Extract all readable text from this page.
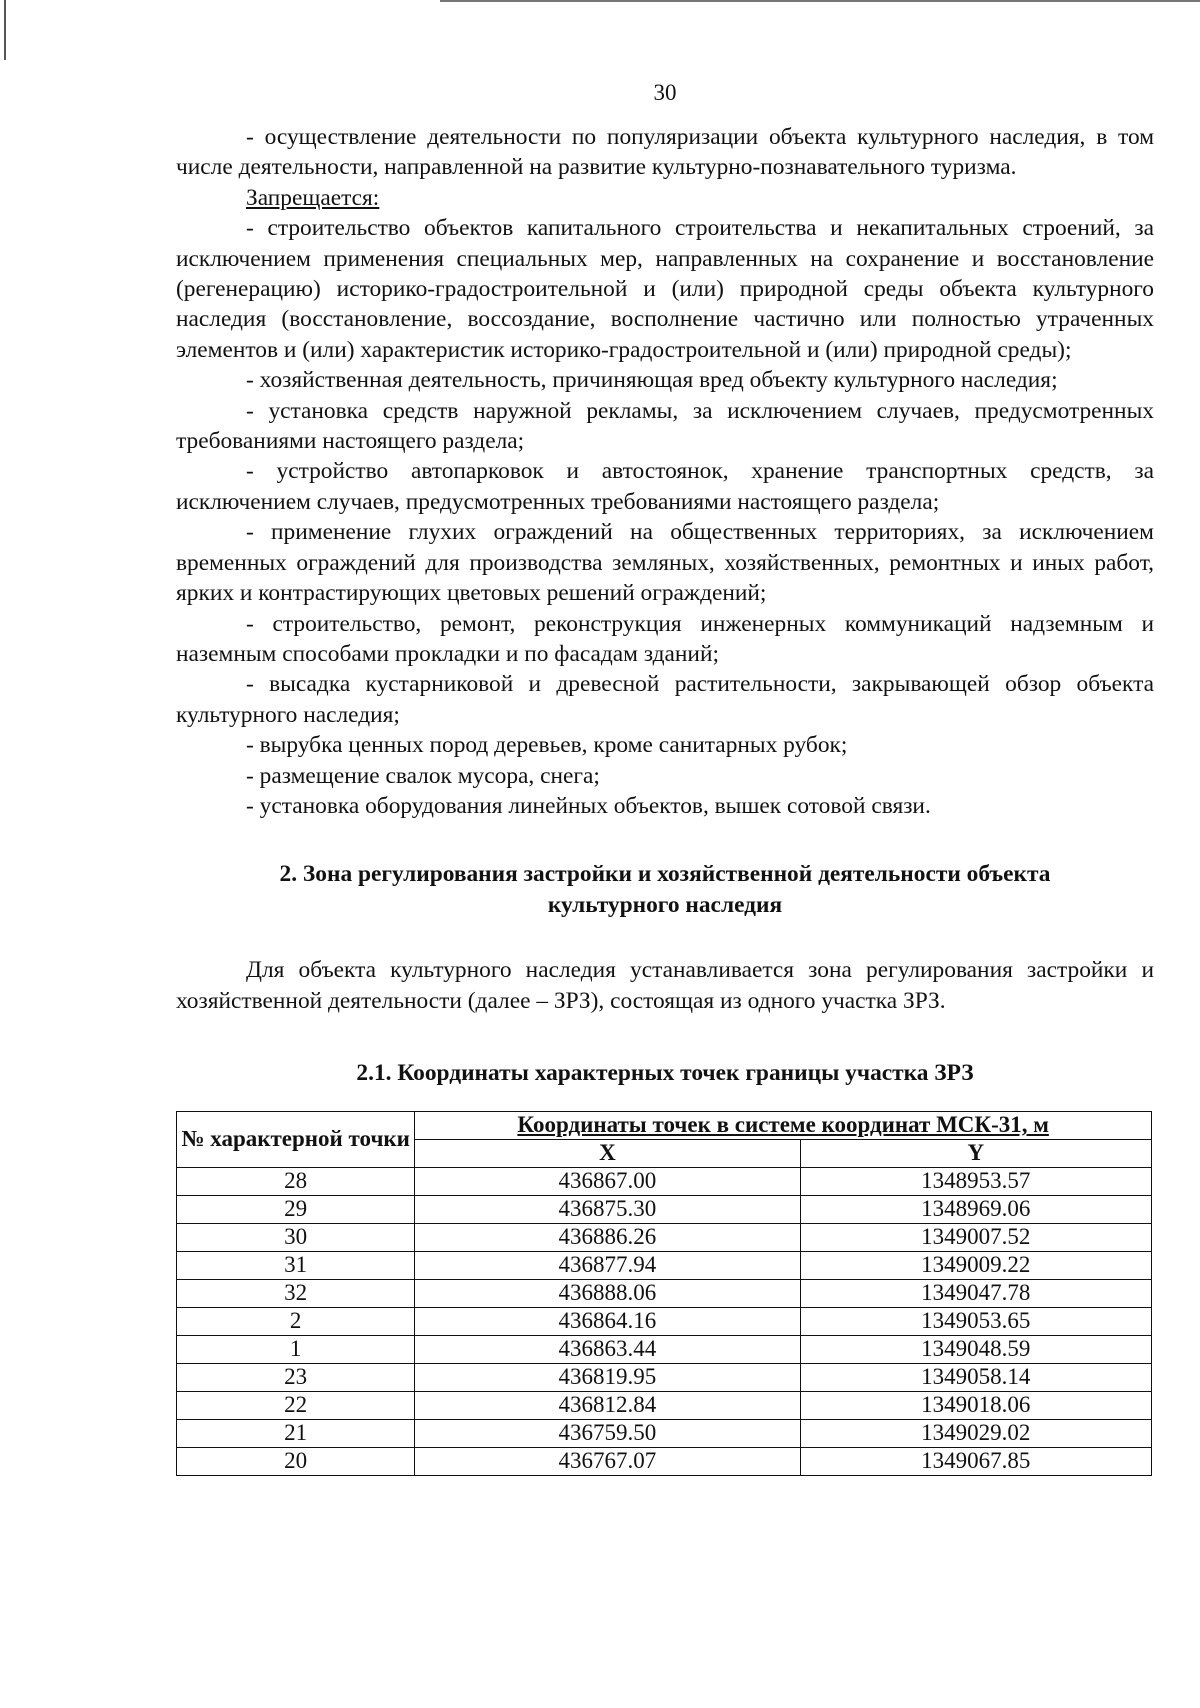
30

- осуществление деятельности по популяризации объекта культурного наследия, в том числе деятельности, направленной на развитие культурно-познавательного туризма.

Запрещается:

- строительство объектов капитального строительства и некапитальных строений, за исключением применения специальных мер, направленных на сохранение и восстановление (регенерацию) историко-градостроительной и (или) природной среды объекта культурного наследия (восстановление, воссоздание, восполнение частично или полностью утраченных элементов и (или) характеристик историко-градостроительной и (или) природной среды);

- хозяйственная деятельность, причиняющая вред объекту культурного наследия;

- установка средств наружной рекламы, за исключением случаев, предусмотренных требованиями настоящего раздела;

- устройство автопарковок и автостоянок, хранение транспортных средств, за исключением случаев, предусмотренных требованиями настоящего раздела;

- применение глухих ограждений на общественных территориях, за исключением временных ограждений для производства земляных, хозяйственных, ремонтных и иных работ, ярких и контрастирующих цветовых решений ограждений;

- строительство, ремонт, реконструкция инженерных коммуникаций надземным и наземным способами прокладки и по фасадам зданий;

- высадка кустарниковой и древесной растительности, закрывающей обзор объекта культурного наследия;

- вырубка ценных пород деревьев, кроме санитарных рубок;

- размещение свалок мусора, снега;

- установка оборудования линейных объектов, вышек сотовой связи.

2. Зона регулирования застройки и хозяйственной деятельности объекта
культурного наследия

Для объекта культурного наследия устанавливается зона регулирования застройки и хозяйственной деятельности (далее – ЗРЗ), состоящая из одного участка ЗРЗ.

2.1. Координаты характерных точек границы участка ЗРЗ

№ характерной точки	Координаты точек в системе координат МСК-31, м	
	X	Y
28	436867.00	1348953.57
29	436875.30	1348969.06
30	436886.26	1349007.52
31	436877.94	1349009.22
32	436888.06	1349047.78
2	436864.16	1349053.65
1	436863.44	1349048.59
23	436819.95	1349058.14
22	436812.84	1349018.06
21	436759.50	1349029.02
20	436767.07	1349067.85
